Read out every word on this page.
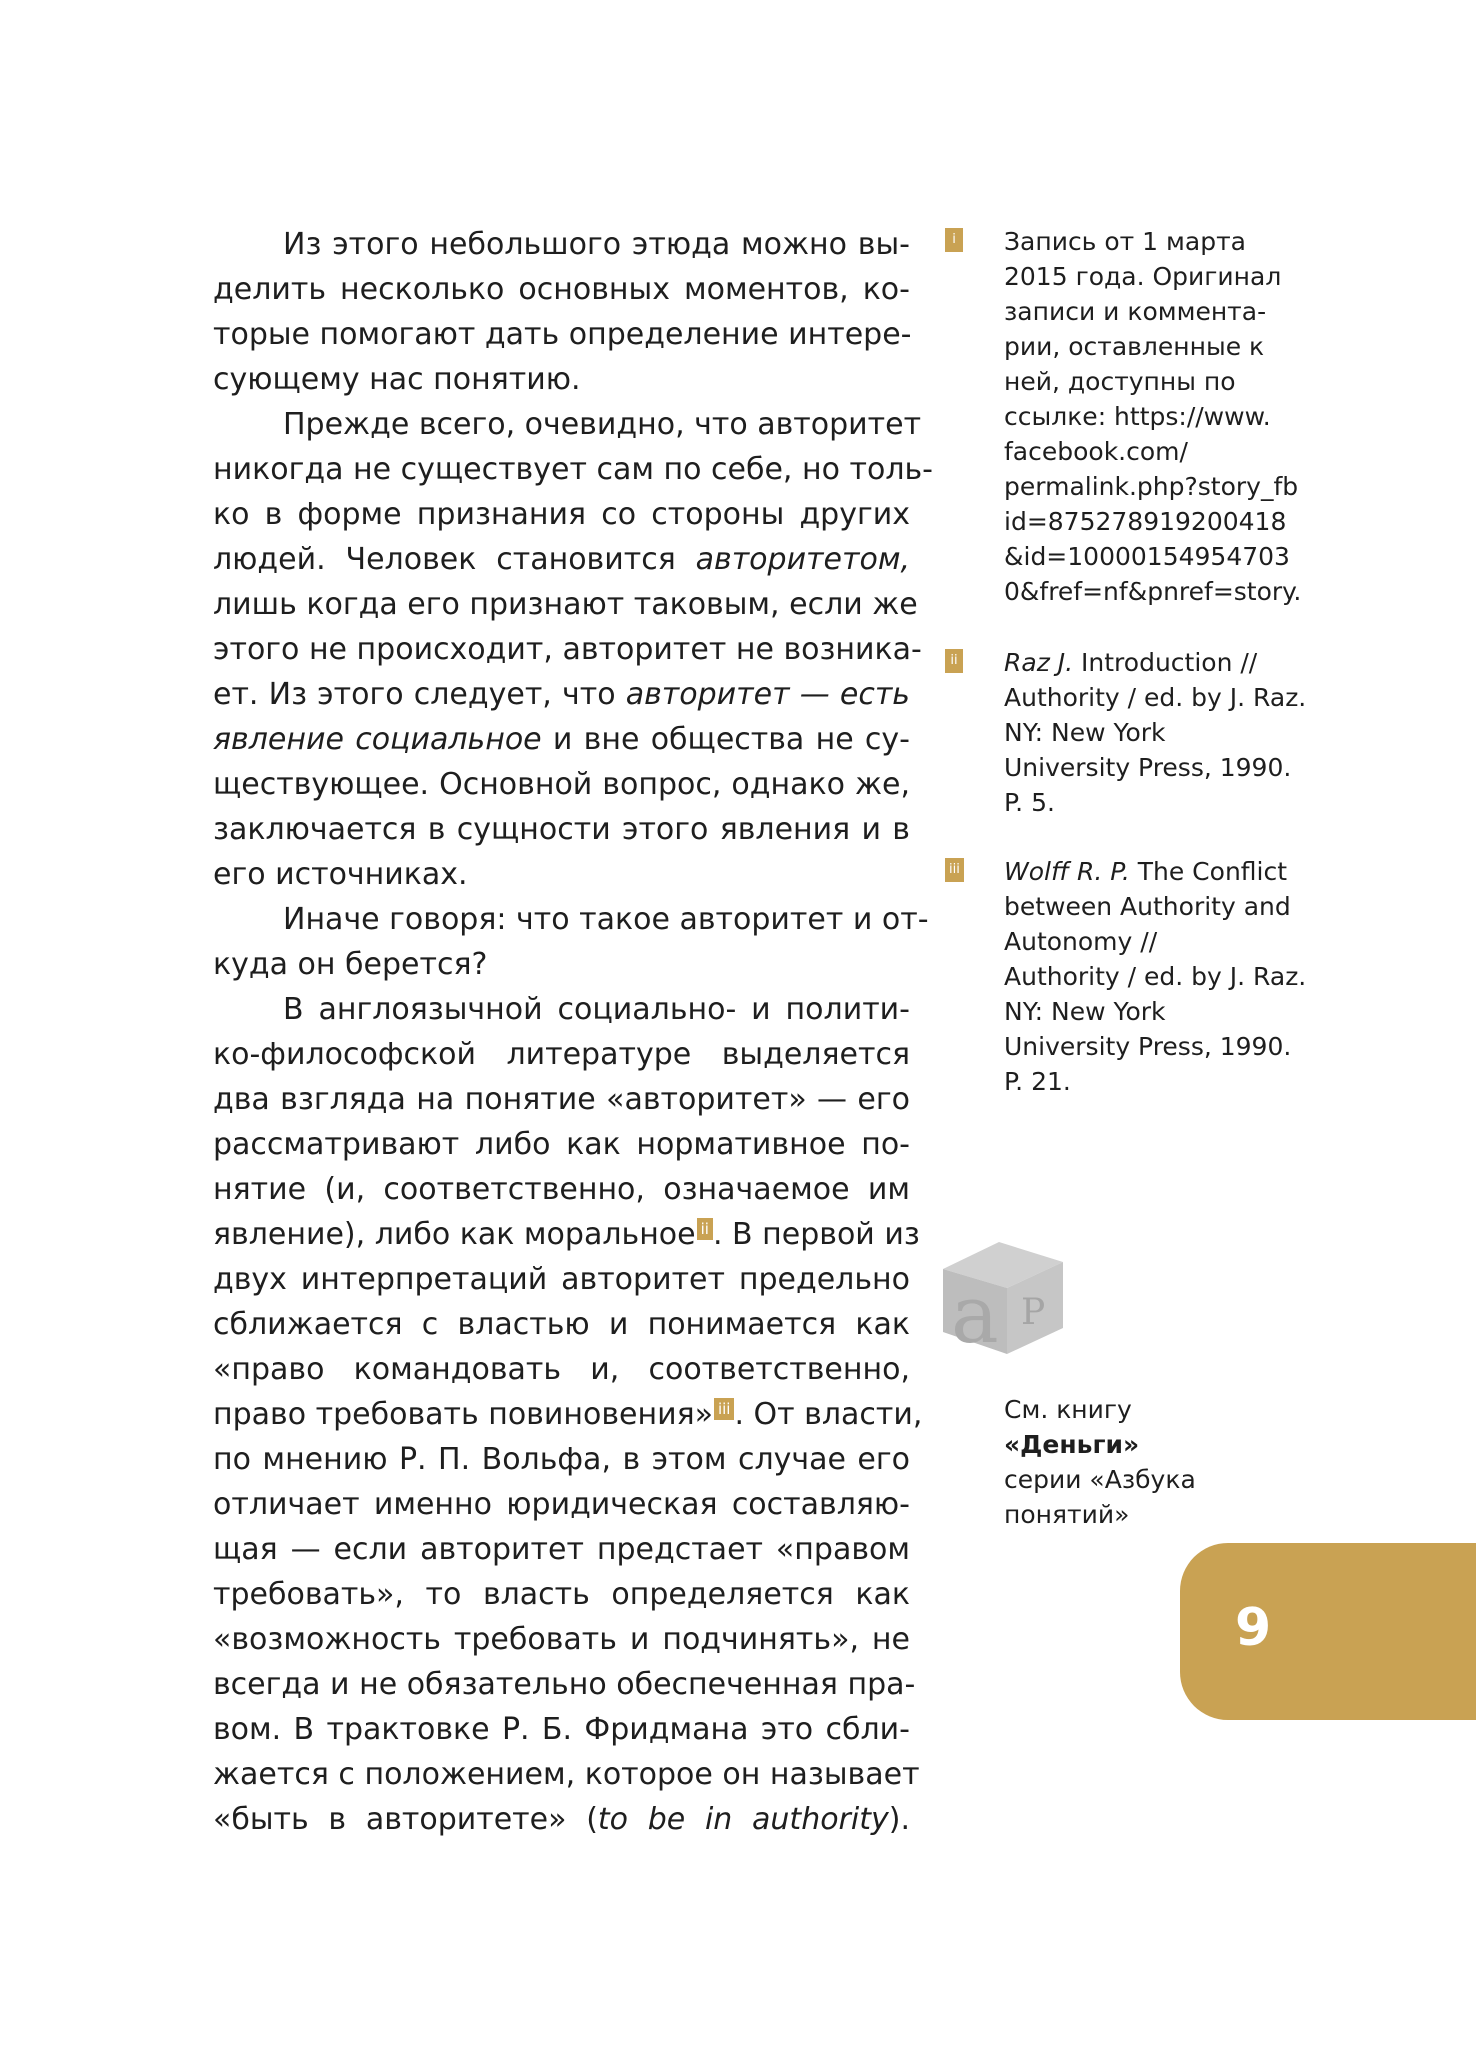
Из этого небольшого этюда можно вы-
делить несколько основных моментов, ко-
торые помогают дать определение интере-
сующему нас понятию.
Прежде всего, очевидно, что авторитет
никогда не существует сам по себе, но толь-
ко в форме признания со стороны других
людей. Человек становится авторитетом,
лишь когда его признают таковым, если же
этого не происходит, авторитет не возника-
ет. Из этого следует, что авторитет — есть
явление социальное и вне общества не су-
ществующее. Основной вопрос, однако же,
заключается в сущности этого явления и в
его источниках.
Иначе говоря: что такое авторитет и от-
куда он берется?
В англоязычной социально- и полити-
ко-философской литературе выделяется
два взгляда на понятие «авторитет» — его
рассматривают либо как нормативное по-
нятие (и, соответственно, означаемое им
явление), либо как моральное ii . В первой из
двух интерпретаций авторитет предельно
сближается с властью и понимается как
«право командовать и, соответственно,
право требовать повиновения» iii . От власти,
по мнению Р. П. Вольфа, в этом случае его
отличает именно юридическая составляю-
щая — если авторитет предстает «правом
требовать», то власть определяется как
«возможность требовать и подчинять», не
всегда и не обязательно обеспеченная пра-
вом. В трактовке Р. Б. Фридмана это сбли-
жается с положением, которое он называет
«быть в авторитете» (to be in authority).
i Запись от 1 марта
2015 года. Оригинал
записи и коммента-
рии, оставленные к
ней, доступны по
ссылке: https://www.
facebook.com/
permalink.php?story_fb
id=875278919200418
&id=10000154954703
0&fref=nf&pnref=story.
ii Raz J. Introduction //
Authority / ed. by J. Raz.
NY: New York
University Press, 1990.
P. 5.
iii Wolff R. P. The Conflict
between Authority and
Autonomy //
Authority / ed. by J. Raz.
NY: New York
University Press, 1990.
P. 21.
a P
См. книгу
«Деньги»
серии «Азбука
понятий»
9
